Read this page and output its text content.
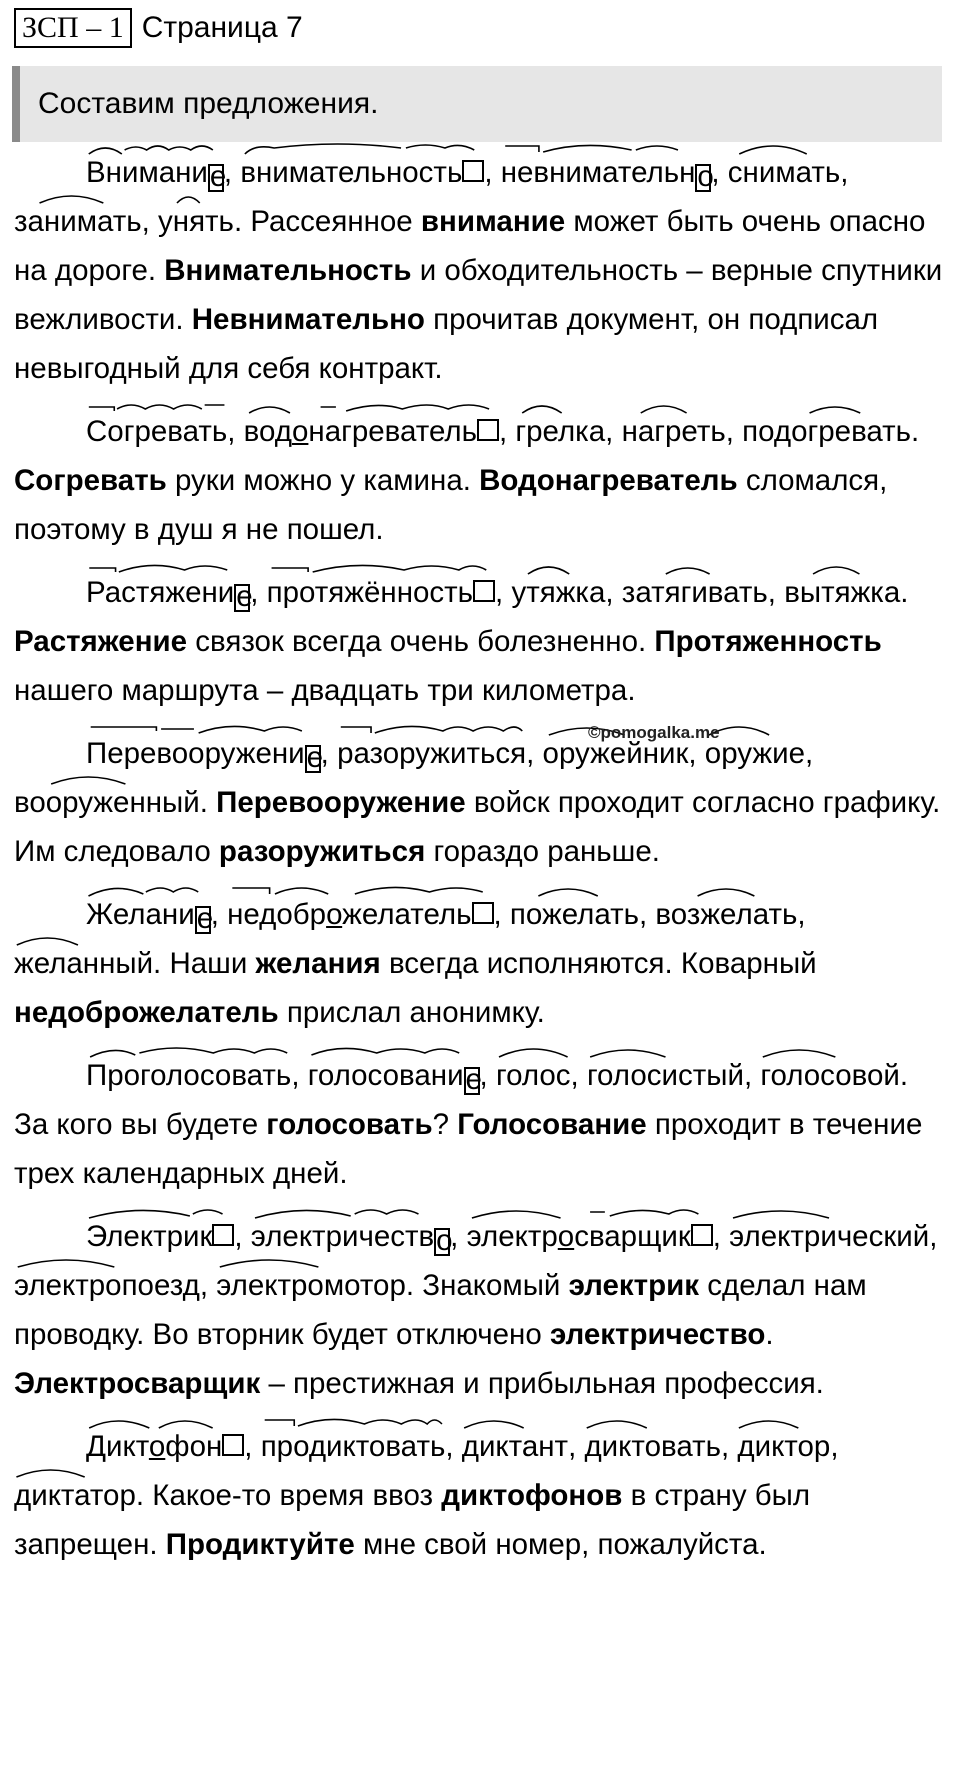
ЗСП – 1 Страница 7
Составим предложения.

Внимание,
внимательность ,
невнимательно, снимать,
занимать,
унять. Рассеянное внимание может быть очень опасно на дороге. Внимательность и обходительность – верные спутники вежливости. Невнимательно прочитав документ, он подписал невыгодный для себя контракт.

Согревать,
водонагреватель ,
грелка,
нагреть, подогревать. Согревать руки можно у камина. Водонагреватель сломался, поэтому в душ я не пошел.

Растяжение,
протяжённость ,
утяжка,
затягивать, вытяжка. Растяжение связок всегда очень болезненно. Протяженность нашего маршрута – двадцать три километра.

Перевооружение,
разоружиться,
оружейник,
оружие,
вооруженный. Перевооружение войск проходит согласно графику. Им следовало разоружиться гораздо раньше.

Желание,
недоброжелатель ,
пожелать,
возжелать,
желанный. Наши желания всегда исполняются. Коварный недоброжелатель прислал анонимку.

Проголосовать,
голосование,
голос,
голосистый, голосовой. За кого вы будете голосовать? Голосование проходит в течение трех календарных дней.

Электрик ,
электричество,
электросварщик , электрический,
электропоезд,
электромотор. Знакомый электрик сделал нам проводку. Во вторник будет отключено электричество. Электросварщик – престижная и прибыльная профессия.

Диктофон ,
продиктовать,
диктант,
диктовать,
диктор,
диктатор. Какое-то время ввоз диктофонов в страну был запрещен. Продиктуйте мне свой номер, пожалуйста.

©pomogalka.me
